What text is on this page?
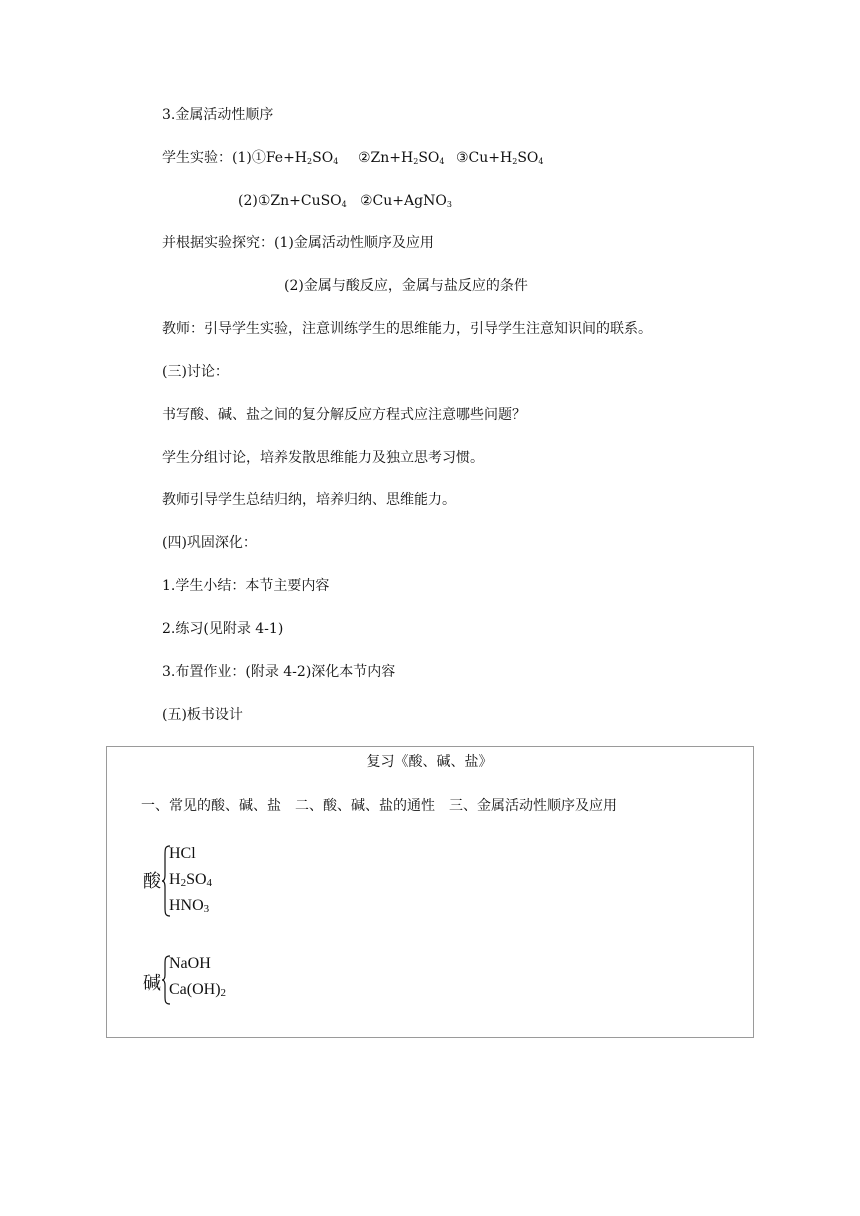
3.金属活动性顺序
学生实验：$(1)①Fe+H_2SO_4$ $②Zn+H_2SO_4$ $③Cu+H_2SO_4$
(2)①Zn+CuSO$_4$ ②Cu+AgNO$_3$
并根据实验探究：(1)金属活动性顺序及应用
(2)金属与酸反应，金属与盐反应的条件
教师：引导学生实验，注意训练学生的思维能力，引导学生注意知识间的联系。
(三)讨论：
书写酸、碱、盐之间的复分解反应方程式应注意哪些问题？
学生分组讨论，培养发散思维能力及独立思考习惯。
教师引导学生总结归纳，培养归纳、思维能力。
(四)巩固深化：
1.学生小结：本节主要内容
2.练习(见附录 4-1)
3.布置作业：(附录 4-2)深化本节内容
(五)板书设计
复习《酸、碱、盐》
一、常见的酸、碱、盐　二、酸、碱、盐的通性　三、金属活动性顺序及应用
酸
HCl
$H_2SO_4$
$HNO_3$
碱
NaOH
$Ca(OH)_2$
